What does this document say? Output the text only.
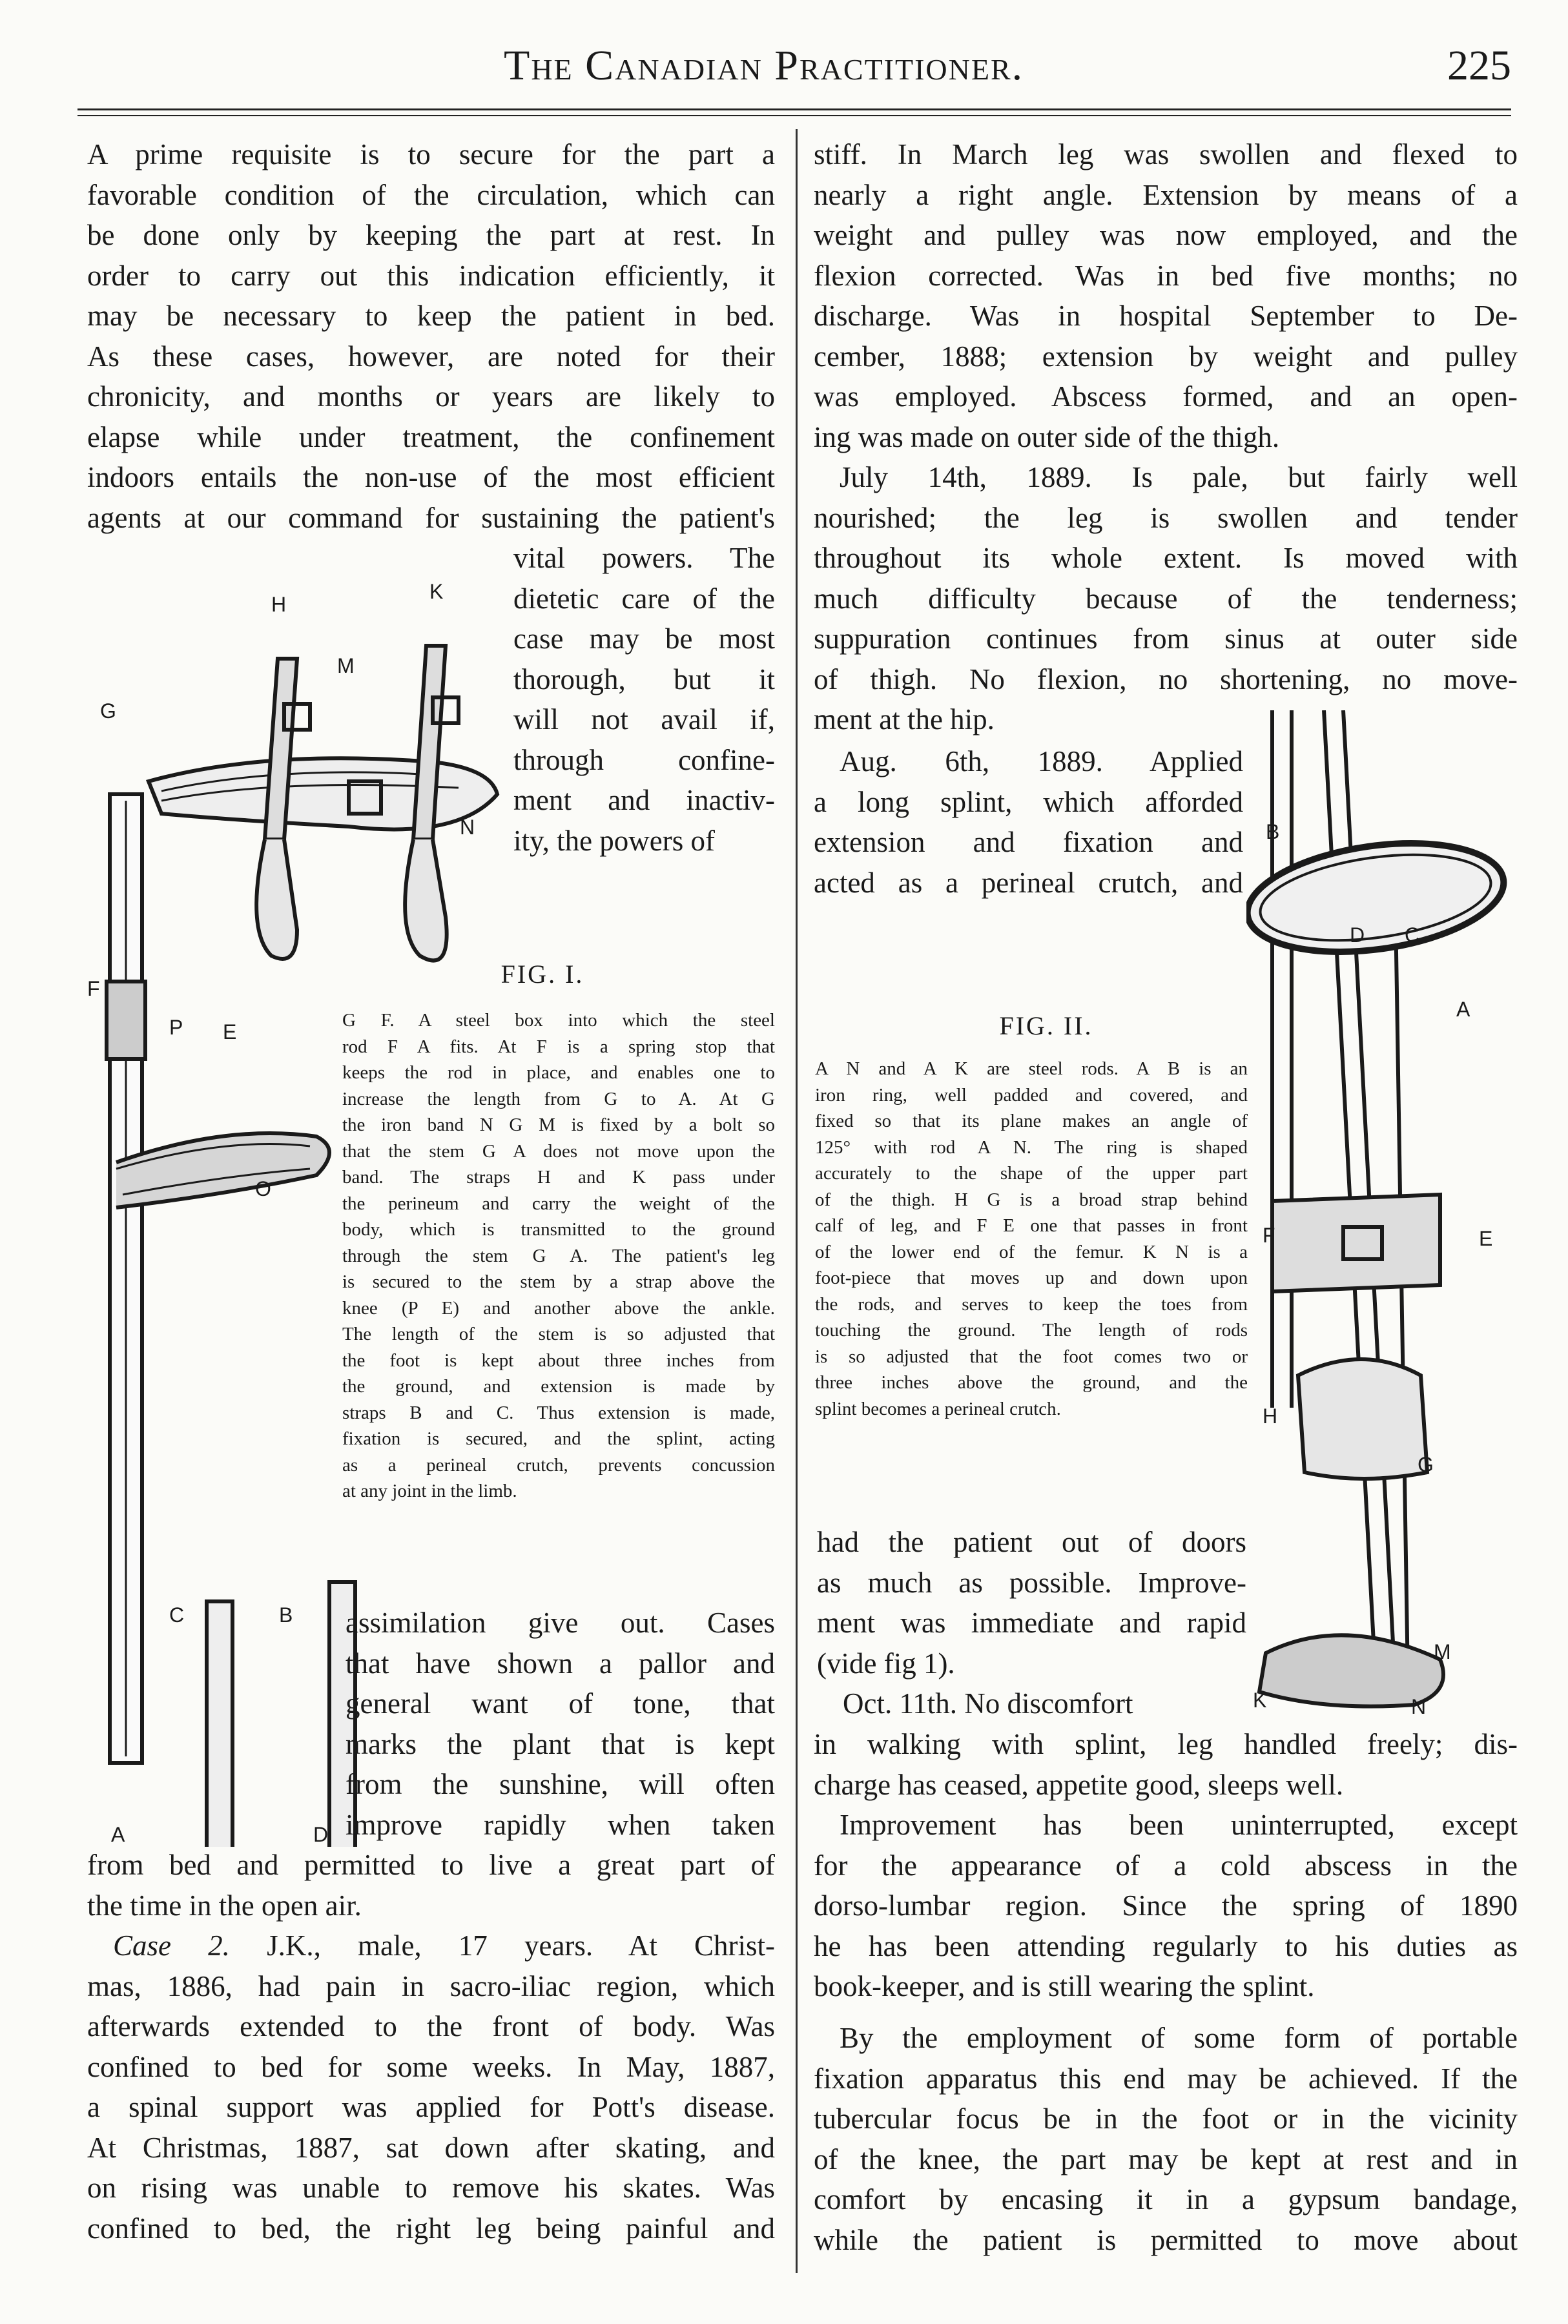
The Canadian Practitioner.	225

A prime requisite is to secure for the part a
favorable condition of the circulation, which can
be done only by keeping the part at rest. In
order to carry out this indication efficiently, it
may be necessary to keep the patient in bed.
As these cases, however, are noted for their
chronicity, and months or years are likely to
elapse while under treatment, the confinement
indoors entails the non-use of the most efficient
agents at our command for sustaining the patient's

vital powers. The
dietetic care of the
case may be most
thorough, but it
will not avail if,
through confine-
ment and inactiv-
ity, the powers of

H
K
M
G
N
F
P E
O
C	B
A	D
FIG. I.
G F. A steel box into which the steel
rod F A fits. At F is a spring stop that
keeps the rod in place, and enables one to
increase the length from G to A. At G
the iron band N G M is fixed by a bolt so
that the stem G A does not move upon the
band. The straps H and K pass under
the perineum and carry the weight of the
body, which is transmitted to the ground
through the stem G A. The patient's leg
is secured to the stem by a strap above the
knee (P E) and another above the ankle.
The length of the stem is so adjusted that
the foot is kept about three inches from
the ground, and extension is made by
straps B and C. Thus extension is made,
fixation is secured, and the splint, acting
as a perineal crutch, prevents concussion
at any joint in the limb.

assimilation give out. Cases
that have shown a pallor and
general want of tone, that
marks the plant that is kept
from the sunshine, will often
improve rapidly when taken

from bed and permitted to live a great part of
the time in the open air.

Case 2. J.K., male, 17 years. At Christ-
mas, 1886, had pain in sacro-iliac region, which
afterwards extended to the front of body. Was
confined to bed for some weeks. In May, 1887,
a spinal support was applied for Pott's disease.
At Christmas, 1887, sat down after skating, and
on rising was unable to remove his skates. Was
confined to bed, the right leg being painful and

stiff. In March leg was swollen and flexed to
nearly a right angle. Extension by means of a
weight and pulley was now employed, and the
flexion corrected. Was in bed five months; no
discharge. Was in hospital September to De-
cember, 1888; extension by weight and pulley
was employed. Abscess formed, and an open-
ing was made on outer side of the thigh.

July 14th, 1889. Is pale, but fairly well
nourished; the leg is swollen and tender
throughout its whole extent. Is moved with
much difficulty because of the tenderness;
suppuration continues from sinus at outer side
of thigh. No flexion, no shortening, no move-
ment at the hip.

Aug. 6th, 1889. Applied
a long splint, which afforded
extension and fixation and
acted as a perineal crutch, and

FIG. II.
A N and A K are steel rods. A B is an
iron ring, well padded and covered, and
fixed so that its plane makes an angle of
125° with rod A N. The ring is shaped
accurately to the shape of the upper part
of the thigh. H G is a broad strap behind
calf of leg, and F E one that passes in front
of the lower end of the femur. K N is a
foot-piece that moves up and down upon
the rods, and serves to keep the toes from
touching the ground. The length of rods
is so adjusted that the foot comes two or
three inches above the ground, and the
splint becomes a perineal crutch.
B
D C
A
F	E
H
G
M
K	N

had the patient out of doors
as much as possible. Improve-
ment was immediate and rapid
(vide fig 1).

Oct. 11th. No discomfort

in walking with splint, leg handled freely; dis-
charge has ceased, appetite good, sleeps well.

Improvement has been uninterrupted, except
for the appearance of a cold abscess in the
dorso-lumbar region. Since the spring of 1890
he has been attending regularly to his duties as
book-keeper, and is still wearing the splint.

By the employment of some form of portable
fixation apparatus this end may be achieved. If the
tubercular focus be in the foot or in the vicinity
of the knee, the part may be kept at rest and in
comfort by encasing it in a gypsum bandage,
while the patient is permitted to move about
